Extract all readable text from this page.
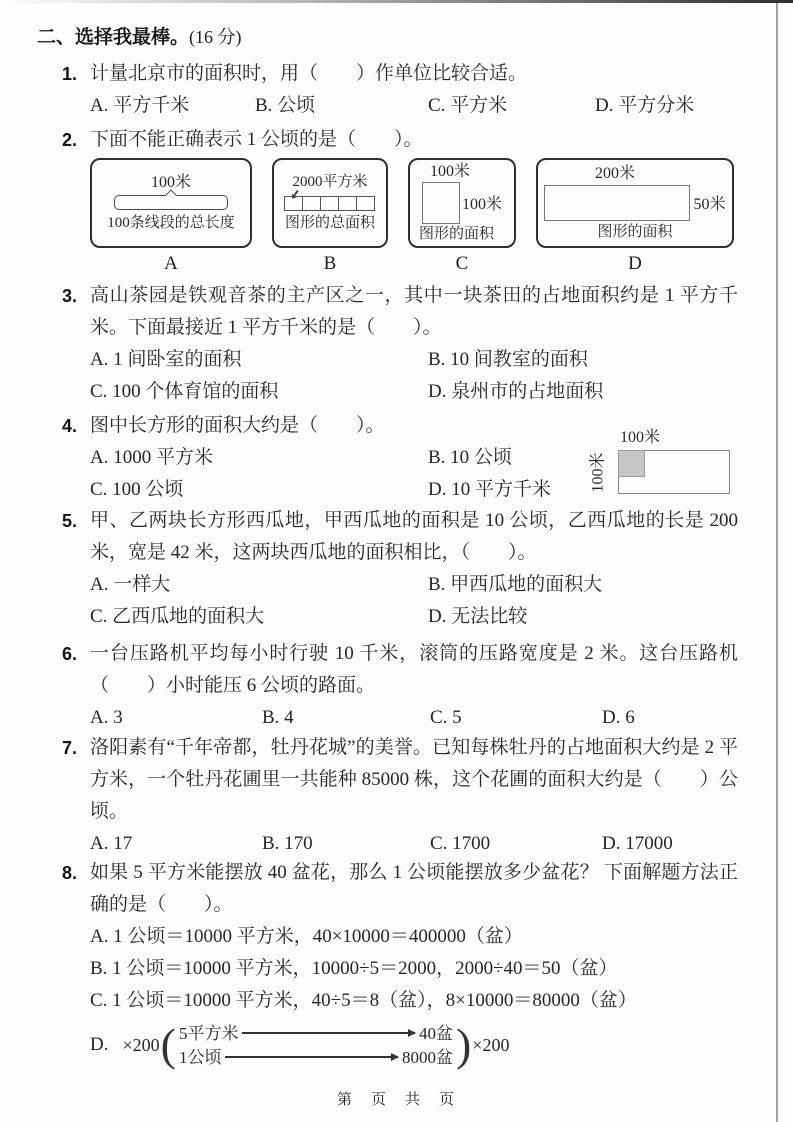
二、选择我最棒。(16 分)
1. 计量北京市的面积时，用（　　）作单位比较合适。
A. 平方千米	B. 公顷	C. 平方米	D. 平方分米
2. 下面不能正确表示 1 公顷的是（　　）。
100米
100条线段的总长度
A
2000平方米
图形的总面积
B
100米
100米
图形的面积
C
200米
50米
图形的面积
D
3. 高山茶园是铁观音茶的主产区之一，其中一块茶田的占地面积约是 1 平方千米。下面最接近 1 平方千米的是（　　）。
A. 1 间卧室的面积	B. 10 间教室的面积
C. 100 个体育馆的面积	D. 泉州市的占地面积
4. 图中长方形的面积大约是（　　）。
A. 1000 平方米	B. 10 公顷
C. 100 公顷	D. 10 平方千米
100米
100米
5. 甲、乙两块长方形西瓜地，甲西瓜地的面积是 10 公顷，乙西瓜地的长是 200 米，宽是 42 米，这两块西瓜地的面积相比，（　　）。
A. 一样大	B. 甲西瓜地的面积大
C. 乙西瓜地的面积大	D. 无法比较
6. 一台压路机平均每小时行驶 10 千米，滚筒的压路宽度是 2 米。这台压路机（　　）小时能压 6 公顷的路面。
A. 3	B. 4	C. 5	D. 6
7. 洛阳素有“千年帝都，牡丹花城”的美誉。已知每株牡丹的占地面积大约是 2 平方米，一个牡丹花圃里一共能种 85000 株，这个花圃的面积大约是（　　）公顷。
A. 17	B. 170	C. 1700	D. 17000
8. 如果 5 平方米能摆放 40 盆花，那么 1 公顷能摆放多少盆花？ 下面解题方法正确的是（　　）。
A. 1 公顷＝10000 平方米，40×10000＝400000（盆）
B. 1 公顷＝10000 平方米，10000÷5＝2000，2000÷40＝50（盆）
C. 1 公顷＝10000 平方米，40÷5＝8（盆），8×10000＝80000（盆）
D. ×200 ( 5平方米	40盆
1公顷	8000盆 ) ×200
第　页　共　页
